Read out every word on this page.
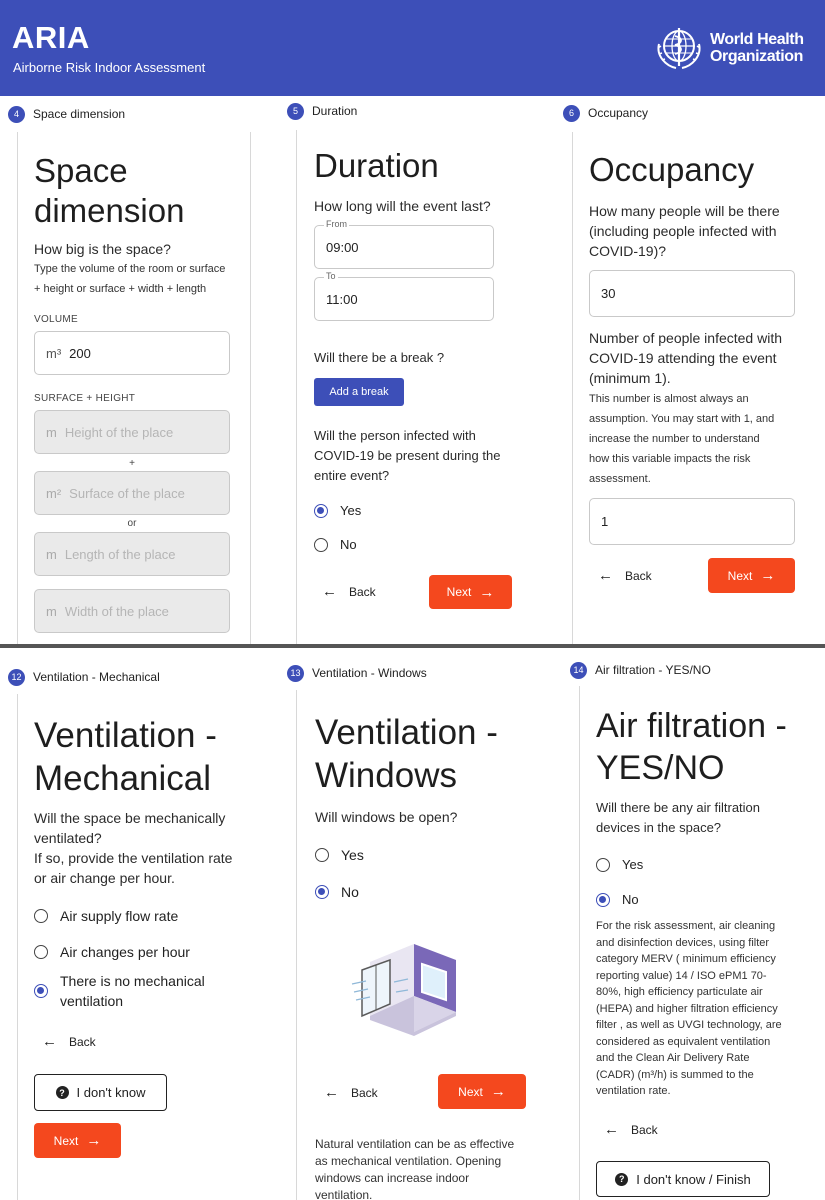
ARIA
Airborne Risk Indoor Assessment
World Health
Organization
4	Space dimension
Space
dimension
How big is the space?
Type the volume of the room or surface
+ height or surface + width + length
VOLUME
m³ 200
SURFACE + HEIGHT
m Height of the place
+
m² Surface of the place
or
m Length of the place
m Width of the place
5	Duration
Duration
How long will the event last?
From
09:00
To
11:00
Will there be a break ?
Add a break
Will the person infected with
COVID-19 be present during the
entire event?
Yes
No
← Back	Next →
6	Occupancy
Occupancy
How many people will be there
(including people infected with
COVID-19)?
30
Number of people infected with
COVID-19 attending the event
(minimum 1).
This number is almost always an
assumption. You may start with 1, and
increase the number to understand
how this variable impacts the risk
assessment.
1
← Back	Next →
12 Ventilation - Mechanical
Ventilation -
Mechanical
Will the space be mechanically
ventilated?
If so, provide the ventilation rate
or air change per hour.
Air supply flow rate
Air changes per hour
There is no mechanical
ventilation
← Back
? I don't know
Next →
13 Ventilation - Windows
Ventilation -
Windows
Will windows be open?
Yes
No
← Back	Next →
Natural ventilation can be as effective
as mechanical ventilation. Opening
windows can increase indoor
ventilation.
14 Air filtration - YES/NO
Air filtration -
YES/NO
Will there be any air filtration
devices in the space?
Yes
No
For the risk assessment, air cleaning
and disinfection devices, using filter
category MERV ( minimum efficiency
reporting value) 14 / ISO ePM1 70-
80%, high efficiency particulate air
(HEPA) and higher filtration efficiency
filter , as well as UVGI technology, are
considered as equivalent ventilation
and the Clean Air Delivery Rate
(CADR) (m³/h) is summed to the
ventilation rate.
← Back
? I don't know / Finish
